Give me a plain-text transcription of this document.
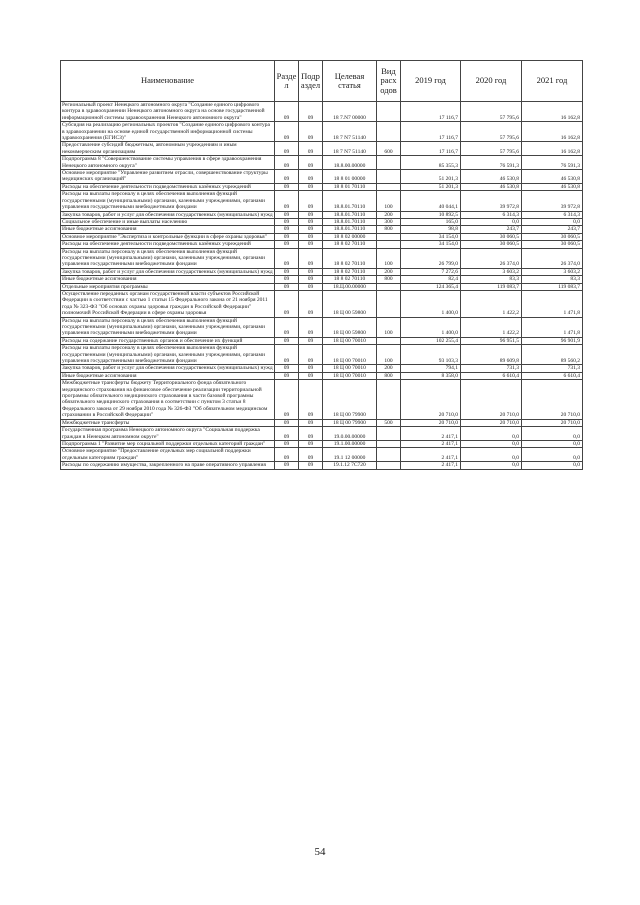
Наименование	Разде л	Подр аздел	Целевая статья	Вид расх одов	2019 год	2020 год	2021 год
Региональный проект Ненецкого автономного округа "Создание единого цифрового контура в здравоохранении Ненецкого автономного округа на основе государственной информационной системы здравоохранения Ненецкого автономного округа"	09	09	18 7.N7 00000		17 116,7	57 795,6	16 162,8
Субсидия на реализацию региональных проектов "Создание единого цифрового контура в здравоохранении на основе единой государственной информационной системы здравоохранения (ЕГИСЗ)"	09	09	18 7 N7 51140		17 116,7	57 795,6	16 162,8
Предоставление субсидий бюджетным, автономным учреждениям и иным некоммерческим организациям	09	09	18 7 N7 51140	600	17 116,7	57 795,6	16 162,8
Подпрограмма 8 "Совершенствование системы управления в сфере здравоохранения Ненецкого автономного округа"	09	09	18.8.00.00000		85 355,3	76 591,3	76 591,3
Основное мероприятие "Управление развитием отрасли, совершенствование структуры медицинских организаций"	09	09	18 8 01 00000		51 201,3	46 530,8	46 530,8
Расходы на обеспечение деятельности подведомственных казённых учреждений	09	09	18 8 01 70110		51 201,3	46 530,8	46 530,8
Расходы на выплаты персоналу в целях обеспечения выполнения функций государственными (муниципальными) органами, казенными учреждениями, органами управления государственными внебюджетными фондами	09	09	18.8.01.70110	100	40 044,1	39 972,8	39 972,8
Закупка товаров, работ и услуг для обеспечения государственных (муниципальных) нужд	09	09	18.8.01.70110	200	10 892,5	6 314,3	6 314,3
Социальное обеспечение и иные выплаты населению	09	09	18.8.01.70110	300	165,0	0,0	0,0
Иные бюджетные ассигнования	09	09	18.8.01.70110	800	98,8	243,7	243,7
Основное мероприятие "Экспертиза и контрольные функции в сфере охраны здоровья"	09	09	18 8 02 00000		34 154,0	30 060,5	30 060,5
Расходы на обеспечение деятельности подведомственных казённых учреждений	09	09	18 8 02 70110		34 154,0	30 060,5	30 060,5
Расходы на выплаты персоналу в целях обеспечения выполнения функций государственными (муниципальными) органами, казенными учреждениями, органами управления государственными внебюджетными фондами	09	09	18 8 02 70110	100	26 799,0	26 374,0	26 374,0
Закупка товаров, работ и услуг для обеспечения государственных (муниципальных) нужд	09	09	18 8 02 70110	200	7 272,6	3 603,2	3 603,2
Иные бюджетные ассигнования	09	09	18 8 02 70110	800	82,4	83,3	83,3
Отдельные мероприятия программы	09	09	18.Ц.00.00000		124 365,4	119 083,7	119 083,7
Осуществление переданных органам государственной власти субъектов Российской Федерации в соответствии с частью 1 статьи 15 Федерального закона от 21 ноября 2011 года № 323-ФЗ "Об основах охраны здоровья граждан в Российской Федерации" полномочий Российской Федерации в сфере охраны здоровья	09	09	18 Ц 00 59800		1 400,0	1 422,2	1 471,8
Расходы на выплаты персоналу в целях обеспечения выполнения функций государственными (муниципальными) органами, казенными учреждениями, органами управления государственными внебюджетными фондами	09	09	18 Ц 00 59800	100	1 400,0	1 422,2	1 471,8
Расходы на содержание государственных органов и обеспечение их функций	09	09	18 Ц 00 70010		102 255,4	96 951,5	96 901,9
Расходы на выплаты персоналу в целях обеспечения выполнения функций государственными (муниципальными) органами, казенными учреждениями, органами управления государственными внебюджетными фондами	09	09	18 Ц 00 70010	100	93 103,3	89 609,8	89 560,2
Закупка товаров, работ и услуг для обеспечения государственных (муниципальных) нужд	09	09	18 Ц 00 70010	200	794,1	731,3	731,3
Иные бюджетные ассигнования	09	09	18 Ц 00 70010	800	8 358,0	6 610,4	6 610,4
Межбюджетные трансферты бюджету Территориального фонда обязательного медицинского страхования на финансовое обеспечение реализации территориальной программы обязательного медицинского страхования в части базовой программы обязательного медицинского страхования в соответствии с пунктом 3 статьи 8 Федерального закона от 29 ноября 2010 года № 326-ФЗ "Об обязательном медицинском страховании в Российской Федерации"	09	09	18 Ц 00 79900		20 710,0	20 710,0	20 710,0
Межбюджетные трансферты	09	09	18 Ц 00 79900	500	20 710,0	20 710,0	20 710,0
Государственная программа Ненецкого автономного округа "Социальная поддержка граждан в Ненецком автономном округе"	09	09	19.0.00.00000		2 417,1	0,0	0,0
Подпрограмма 1 "Развитие мер социальной поддержки отдельных категорий граждан"	09	09	19.1.00.00000		2 417,1	0,0	0,0
Основное мероприятие "Предоставление отдельных мер социальной поддержки отдельным категориям граждан"	09	09	19.1 12 00000		2 417,1	0,0	0,0
Расходы по содержанию имущества, закрепленного на праве оперативного управления	09	09	19.1.12 7С720		2 417,1	0,0	0,0
54
